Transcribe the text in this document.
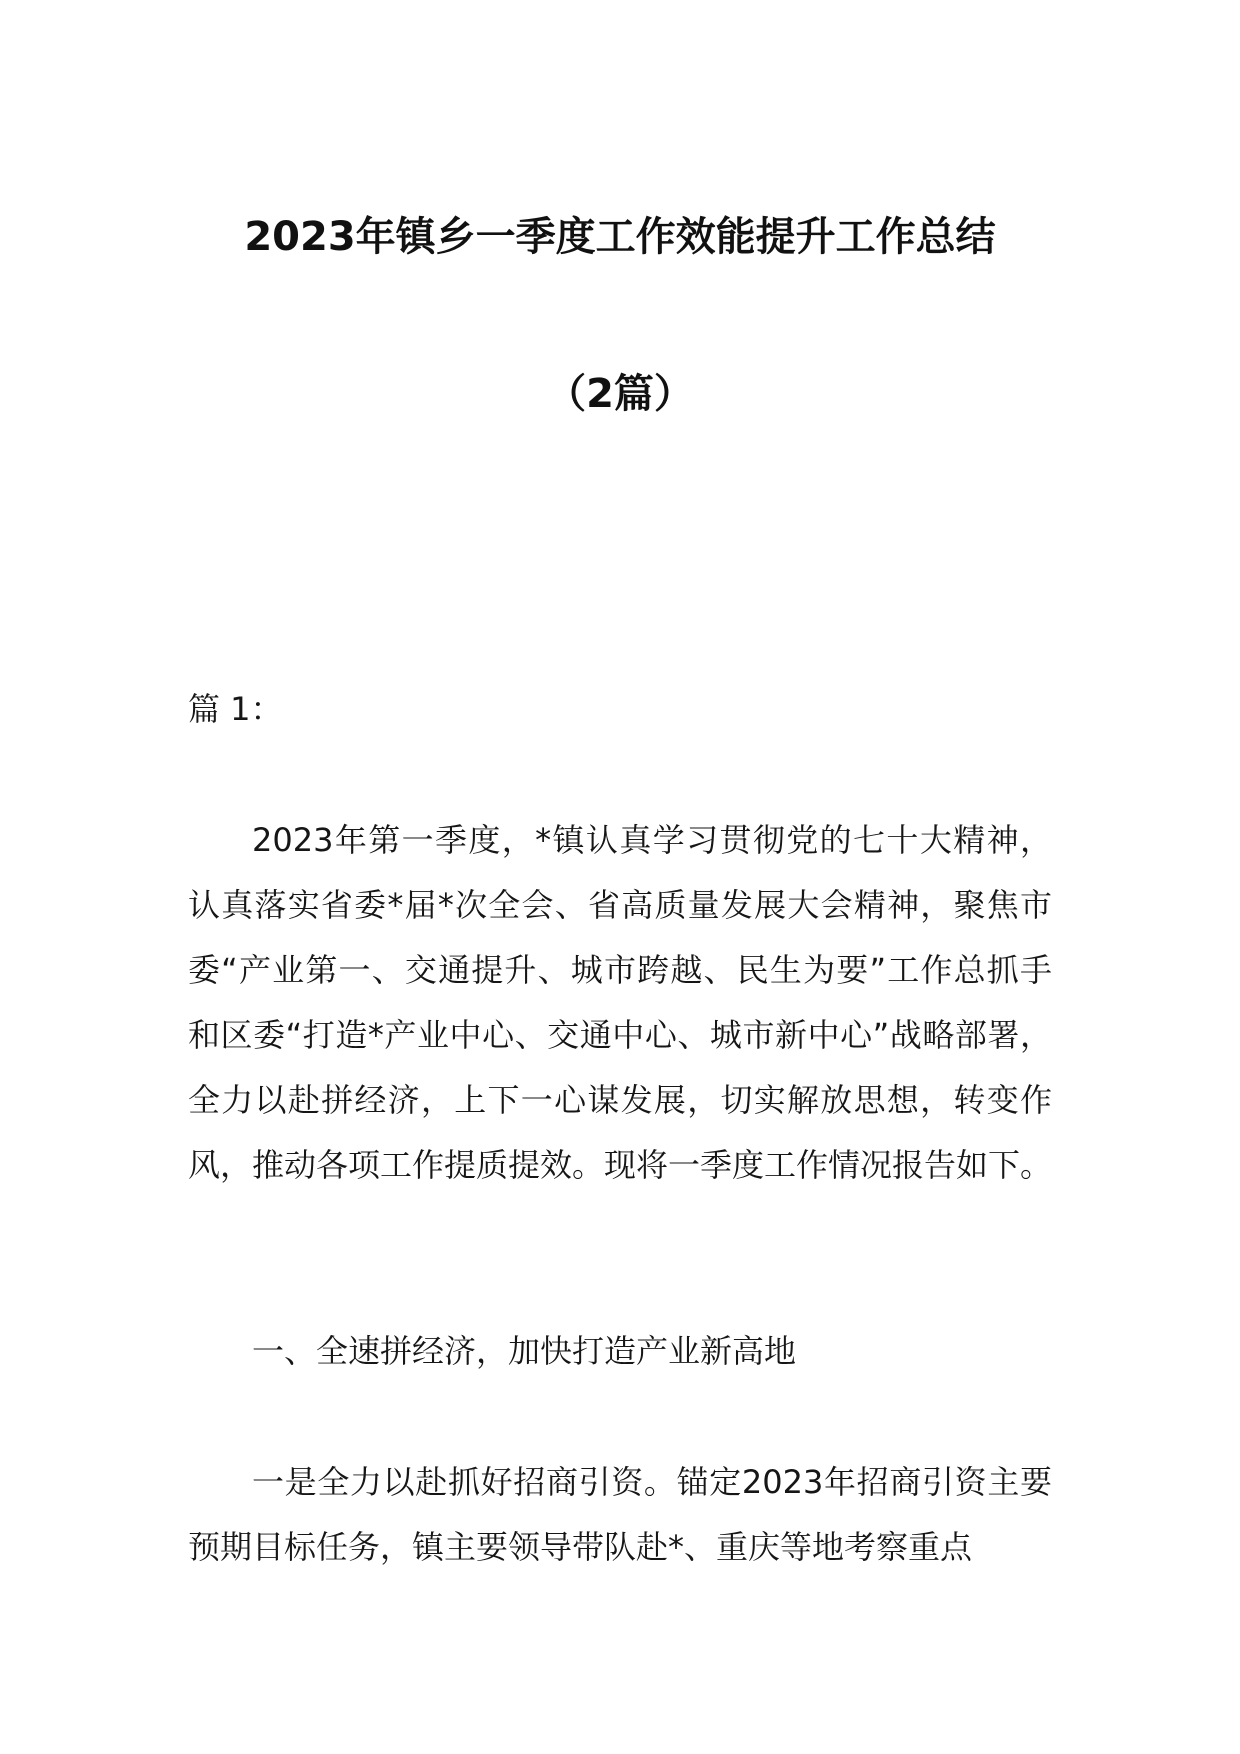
2023年镇乡一季度工作效能提升工作总结
（2篇）

篇 1：

2023年第一季度，*镇认真学习贯彻党的七十大精神，认真落实省委*届*次全会、省高质量发展大会精神，聚焦市委“产业第一、交通提升、城市跨越、民生为要”工作总抓手和区委“打造*产业中心、交通中心、城市新中心”战略部署，全力以赴拼经济，上下一心谋发展，切实解放思想，转变作风，推动各项工作提质提效。现将一季度工作情况报告如下。

一、全速拼经济，加快打造产业新高地

一是全力以赴抓好招商引资。锚定2023年招商引资主要预期目标任务，镇主要领导带队赴*、重庆等地考察重点
